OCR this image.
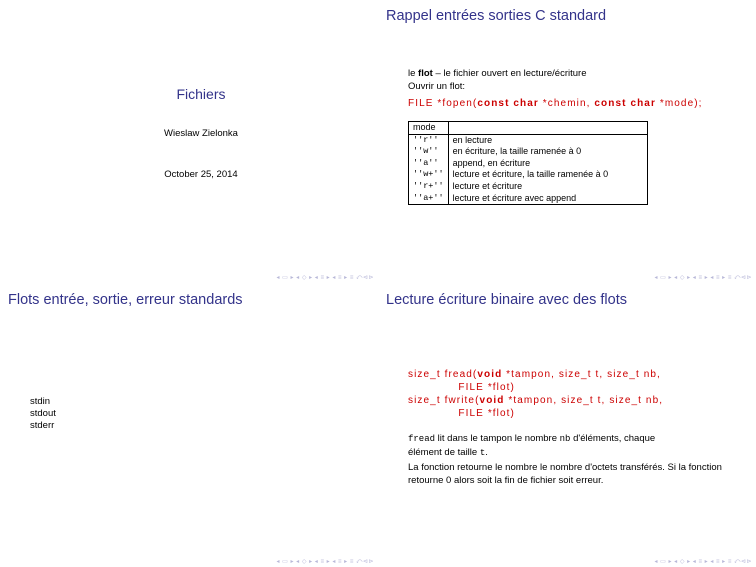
Fichiers
Wieslaw Zielonka
October 25, 2014
◂ ▭ ▸ ◂ ◇ ▸ ◂ ≡ ▸ ◂ ≡ ▸ ≡ ⤺⊲⊳
Rappel entrées sorties C standard
le flot – le fichier ouvert en lecture/écriture
Ouvrir un flot:
FILE *fopen(const char *chemin, const char *mode);
mode	
''r''	en lecture
''w''	en écriture, la taille ramenée à 0
''a''	append, en écriture
''w+''	lecture et écriture, la taille ramenée à 0
''r+''	lecture et écriture
''a+''	lecture et écriture avec append
◂ ▭ ▸ ◂ ◇ ▸ ◂ ≡ ▸ ◂ ≡ ▸ ≡ ⤺⊲⊳
Flots entrée, sortie, erreur standards
stdin
stdout
stderr
◂ ▭ ▸ ◂ ◇ ▸ ◂ ≡ ▸ ◂ ≡ ▸ ≡ ⤺⊲⊳
Lecture écriture binaire avec des flots
size_t fread(void *tampon, size_t t, size_t nb,
FILE *flot)
size_t fwrite(void *tampon, size_t t, size_t nb,
FILE *flot)
fread lit dans le tampon le nombre nb d'éléments, chaque
élément de taille t.
La fonction retourne le nombre le nombre d'octets transférés. Si la fonction retourne 0 alors soit la fin de fichier soit erreur.
◂ ▭ ▸ ◂ ◇ ▸ ◂ ≡ ▸ ◂ ≡ ▸ ≡ ⤺⊲⊳
